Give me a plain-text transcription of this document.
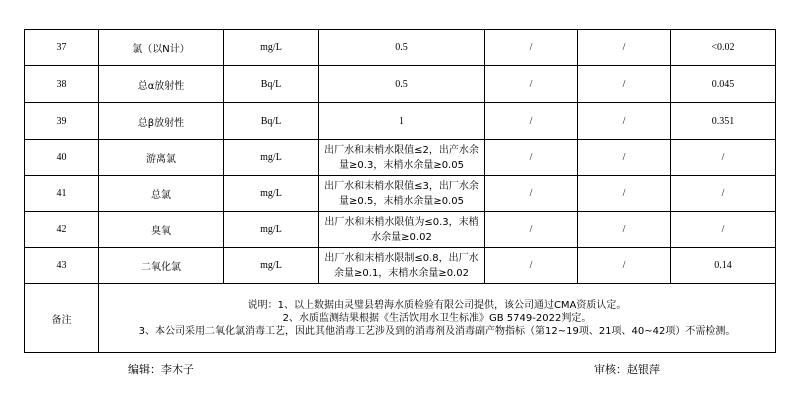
37	氯（以N计）	mg/L	0.5	/	/	<0.02
38	总α放射性	Bq/L	0.5	/	/	0.045
39	总β放射性	Bq/L	1	/	/	0.351
40	游离氯	mg/L	出厂水和末梢水限值≤2，出产水余量≥0.3，末梢水余量≥0.05	/	/	/
41	总氯	mg/L	出厂水和末梢水限值≤3，出厂水余量≥0.5，末梢水余量≥0.05	/	/	/
42	臭氧	mg/L	出厂水和末梢水限值为≤0.3，末梢水余量≥0.02	/	/	/
43	二氧化氯	mg/L	出厂水和末梢水限制≤0.8，出厂水余量≥0.1，末梢水余量≥0.02	/	/	0.14
备注	说明：1、以上数据由灵璧县碧海水质检验有限公司提供，该公司通过CMA资质认定。
2、水质监测结果根据《生活饮用水卫生标准》GB 5749-2022判定。
3、本公司采用二氧化氯消毒工艺，因此其他消毒工艺涉及到的消毒剂及消毒副产物指标（第12~19项、21项、40~42项）不需检测。					
编辑：李木子	审核：赵银萍
